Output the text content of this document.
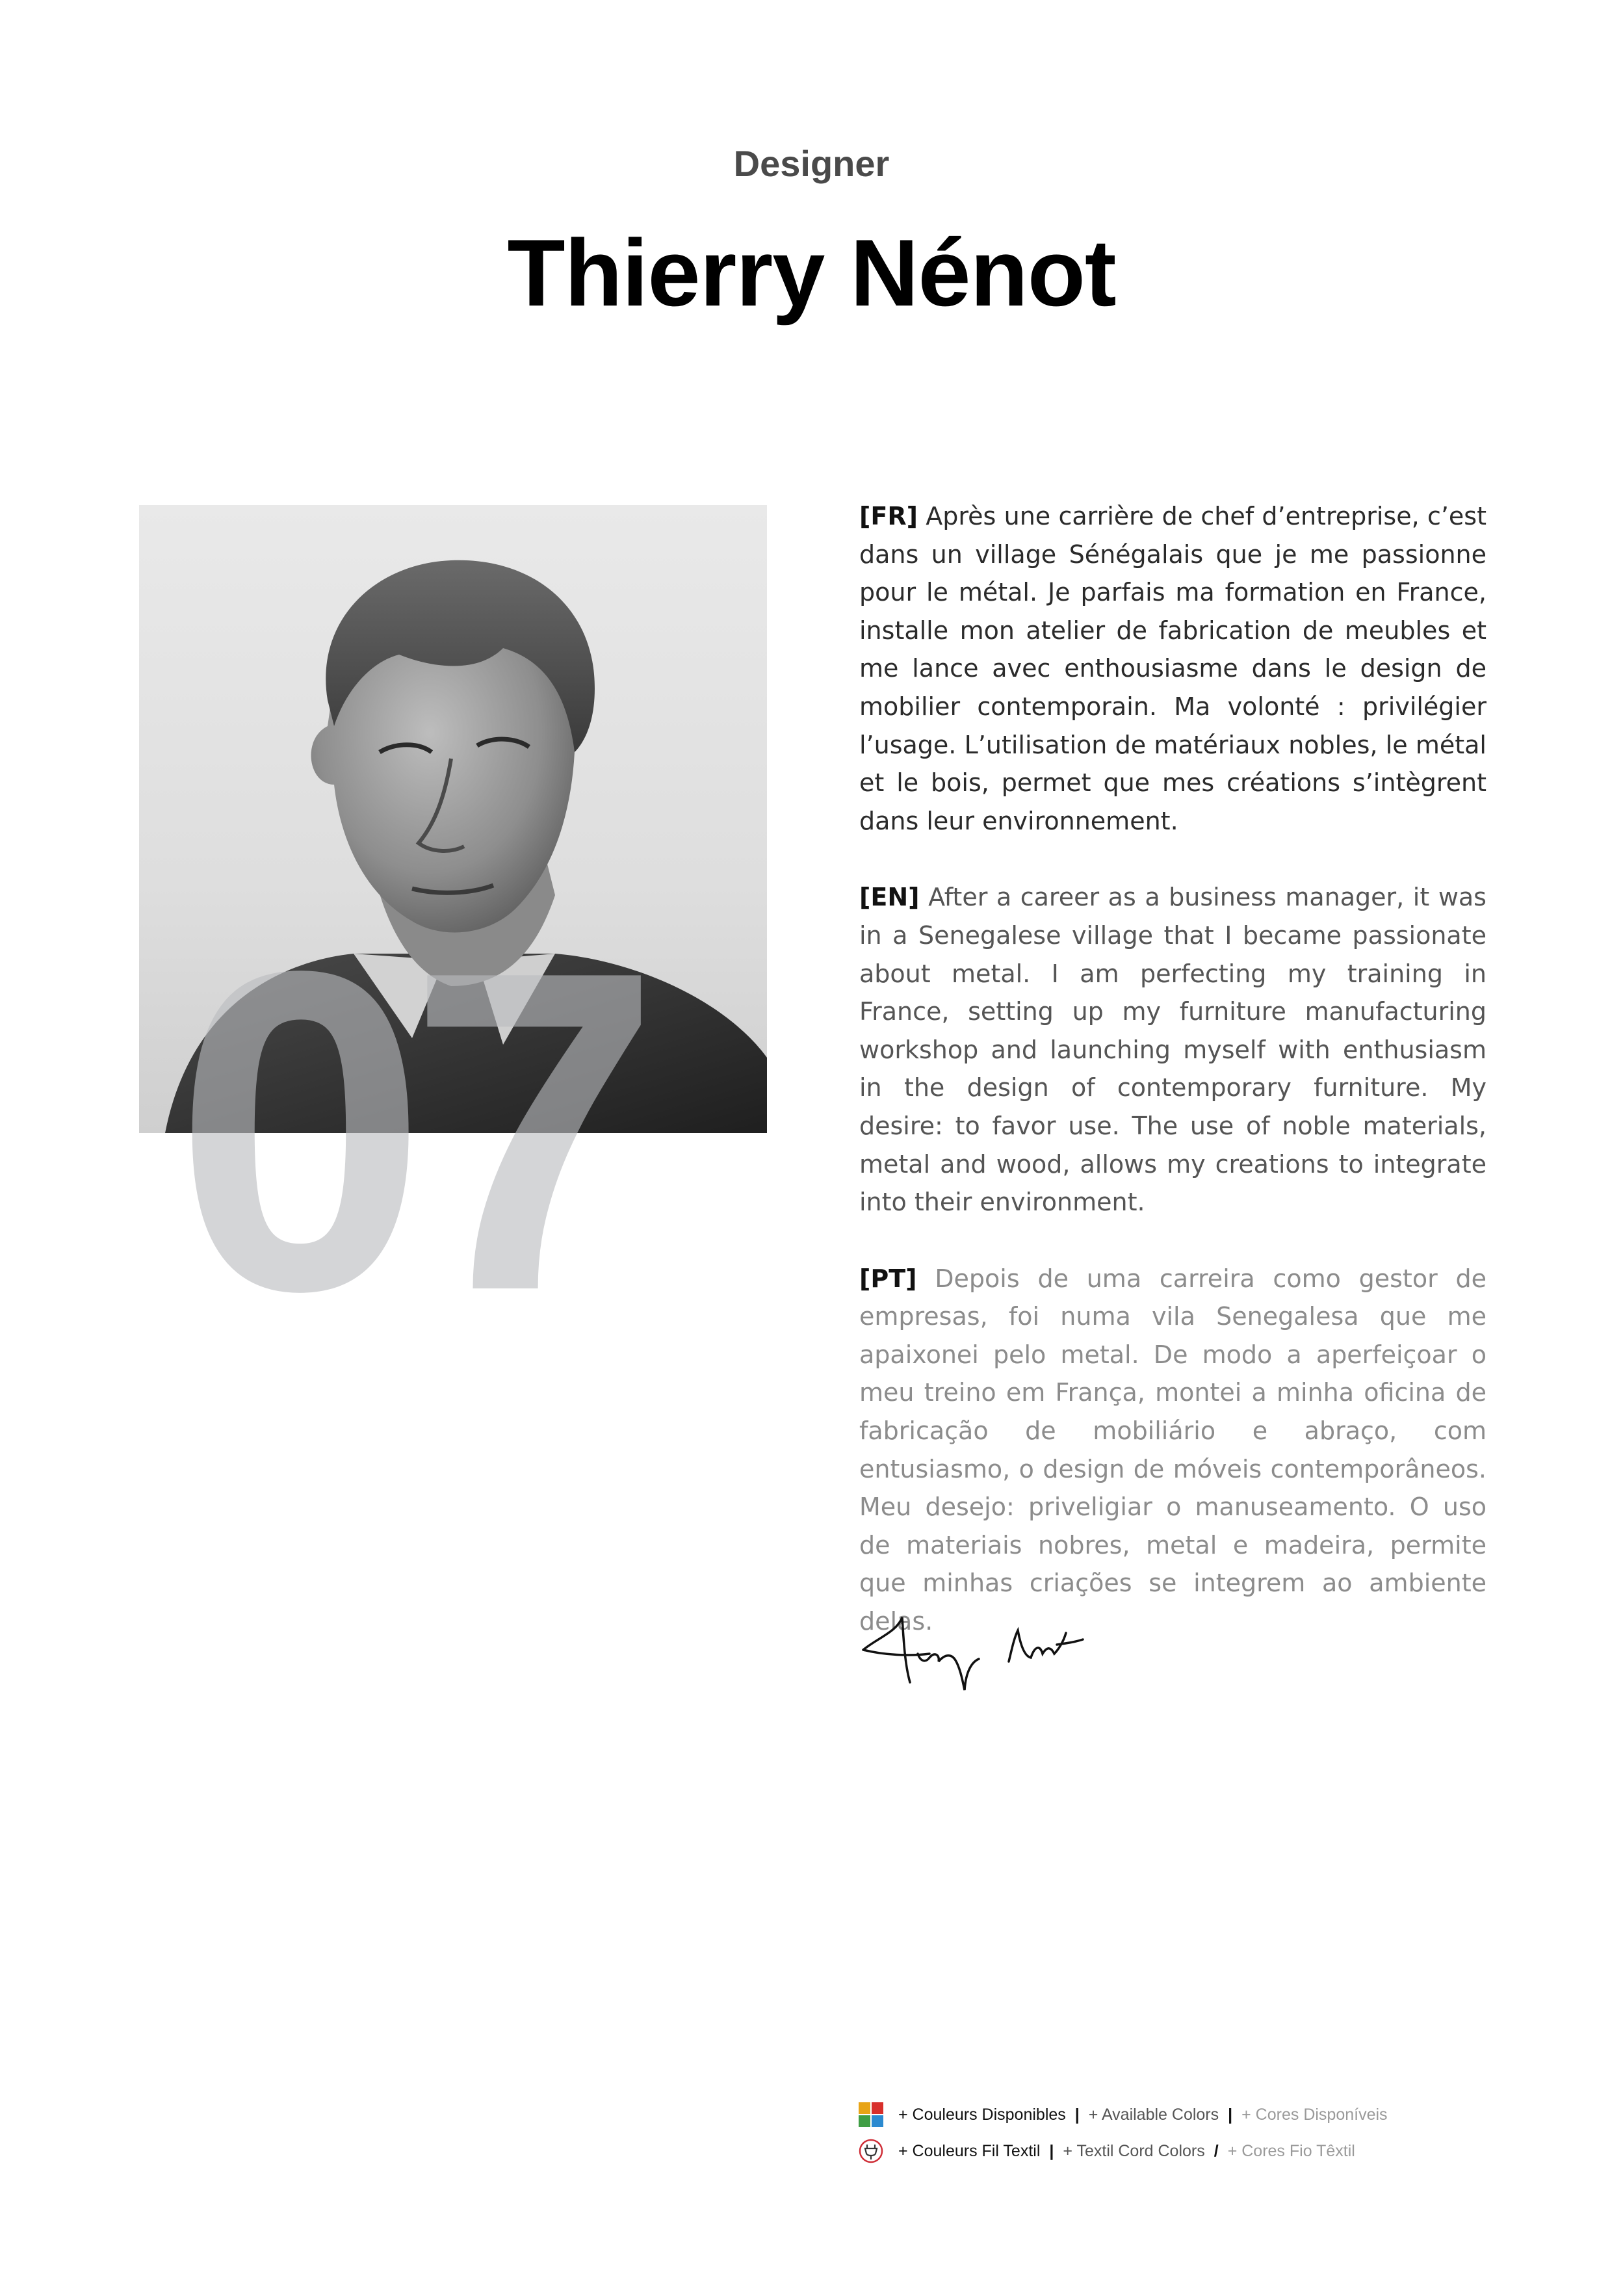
Designer
Thierry Nénot
07

[FR] Après une carrière de chef d’entreprise, c’est dans un village Sénégalais que je me passionne pour le métal. Je parfais ma formation en France, installe mon atelier de fabrication de meubles et me lance avec enthousiasme dans le design de mobilier contemporain. Ma volonté : privilégier l’usage. L’utilisation de matériaux nobles, le métal et le bois, permet que mes créations s’intègrent dans leur environnement.

[EN] After a career as a business manager, it was in a Senegalese village that I became passionate about metal. I am perfecting my training in France, setting up my furniture manufacturing workshop and launching myself with enthusiasm in the design of contemporary furniture. My desire: to favor use. The use of noble materials, metal and wood, allows my creations to integrate into their environment.

[PT] Depois de uma carreira como gestor de empresas, foi numa vila Senegalesa que me apaixonei pelo metal. De modo a aperfeiçoar o meu treino em França, montei a minha oficina de fabricação de mobiliário e abraço, com entusiasmo, o design de móveis contemporâneos. Meu desejo: priveligiar o manuseamento. O uso de materiais nobres, metal e madeira, permite que minhas criações se integrem ao ambiente delas.

+ Couleurs Disponibles | + Available Colors | + Cores Disponíveis
+ Couleurs Fil Textil | + Textil Cord Colors / + Cores Fio Têxtil
